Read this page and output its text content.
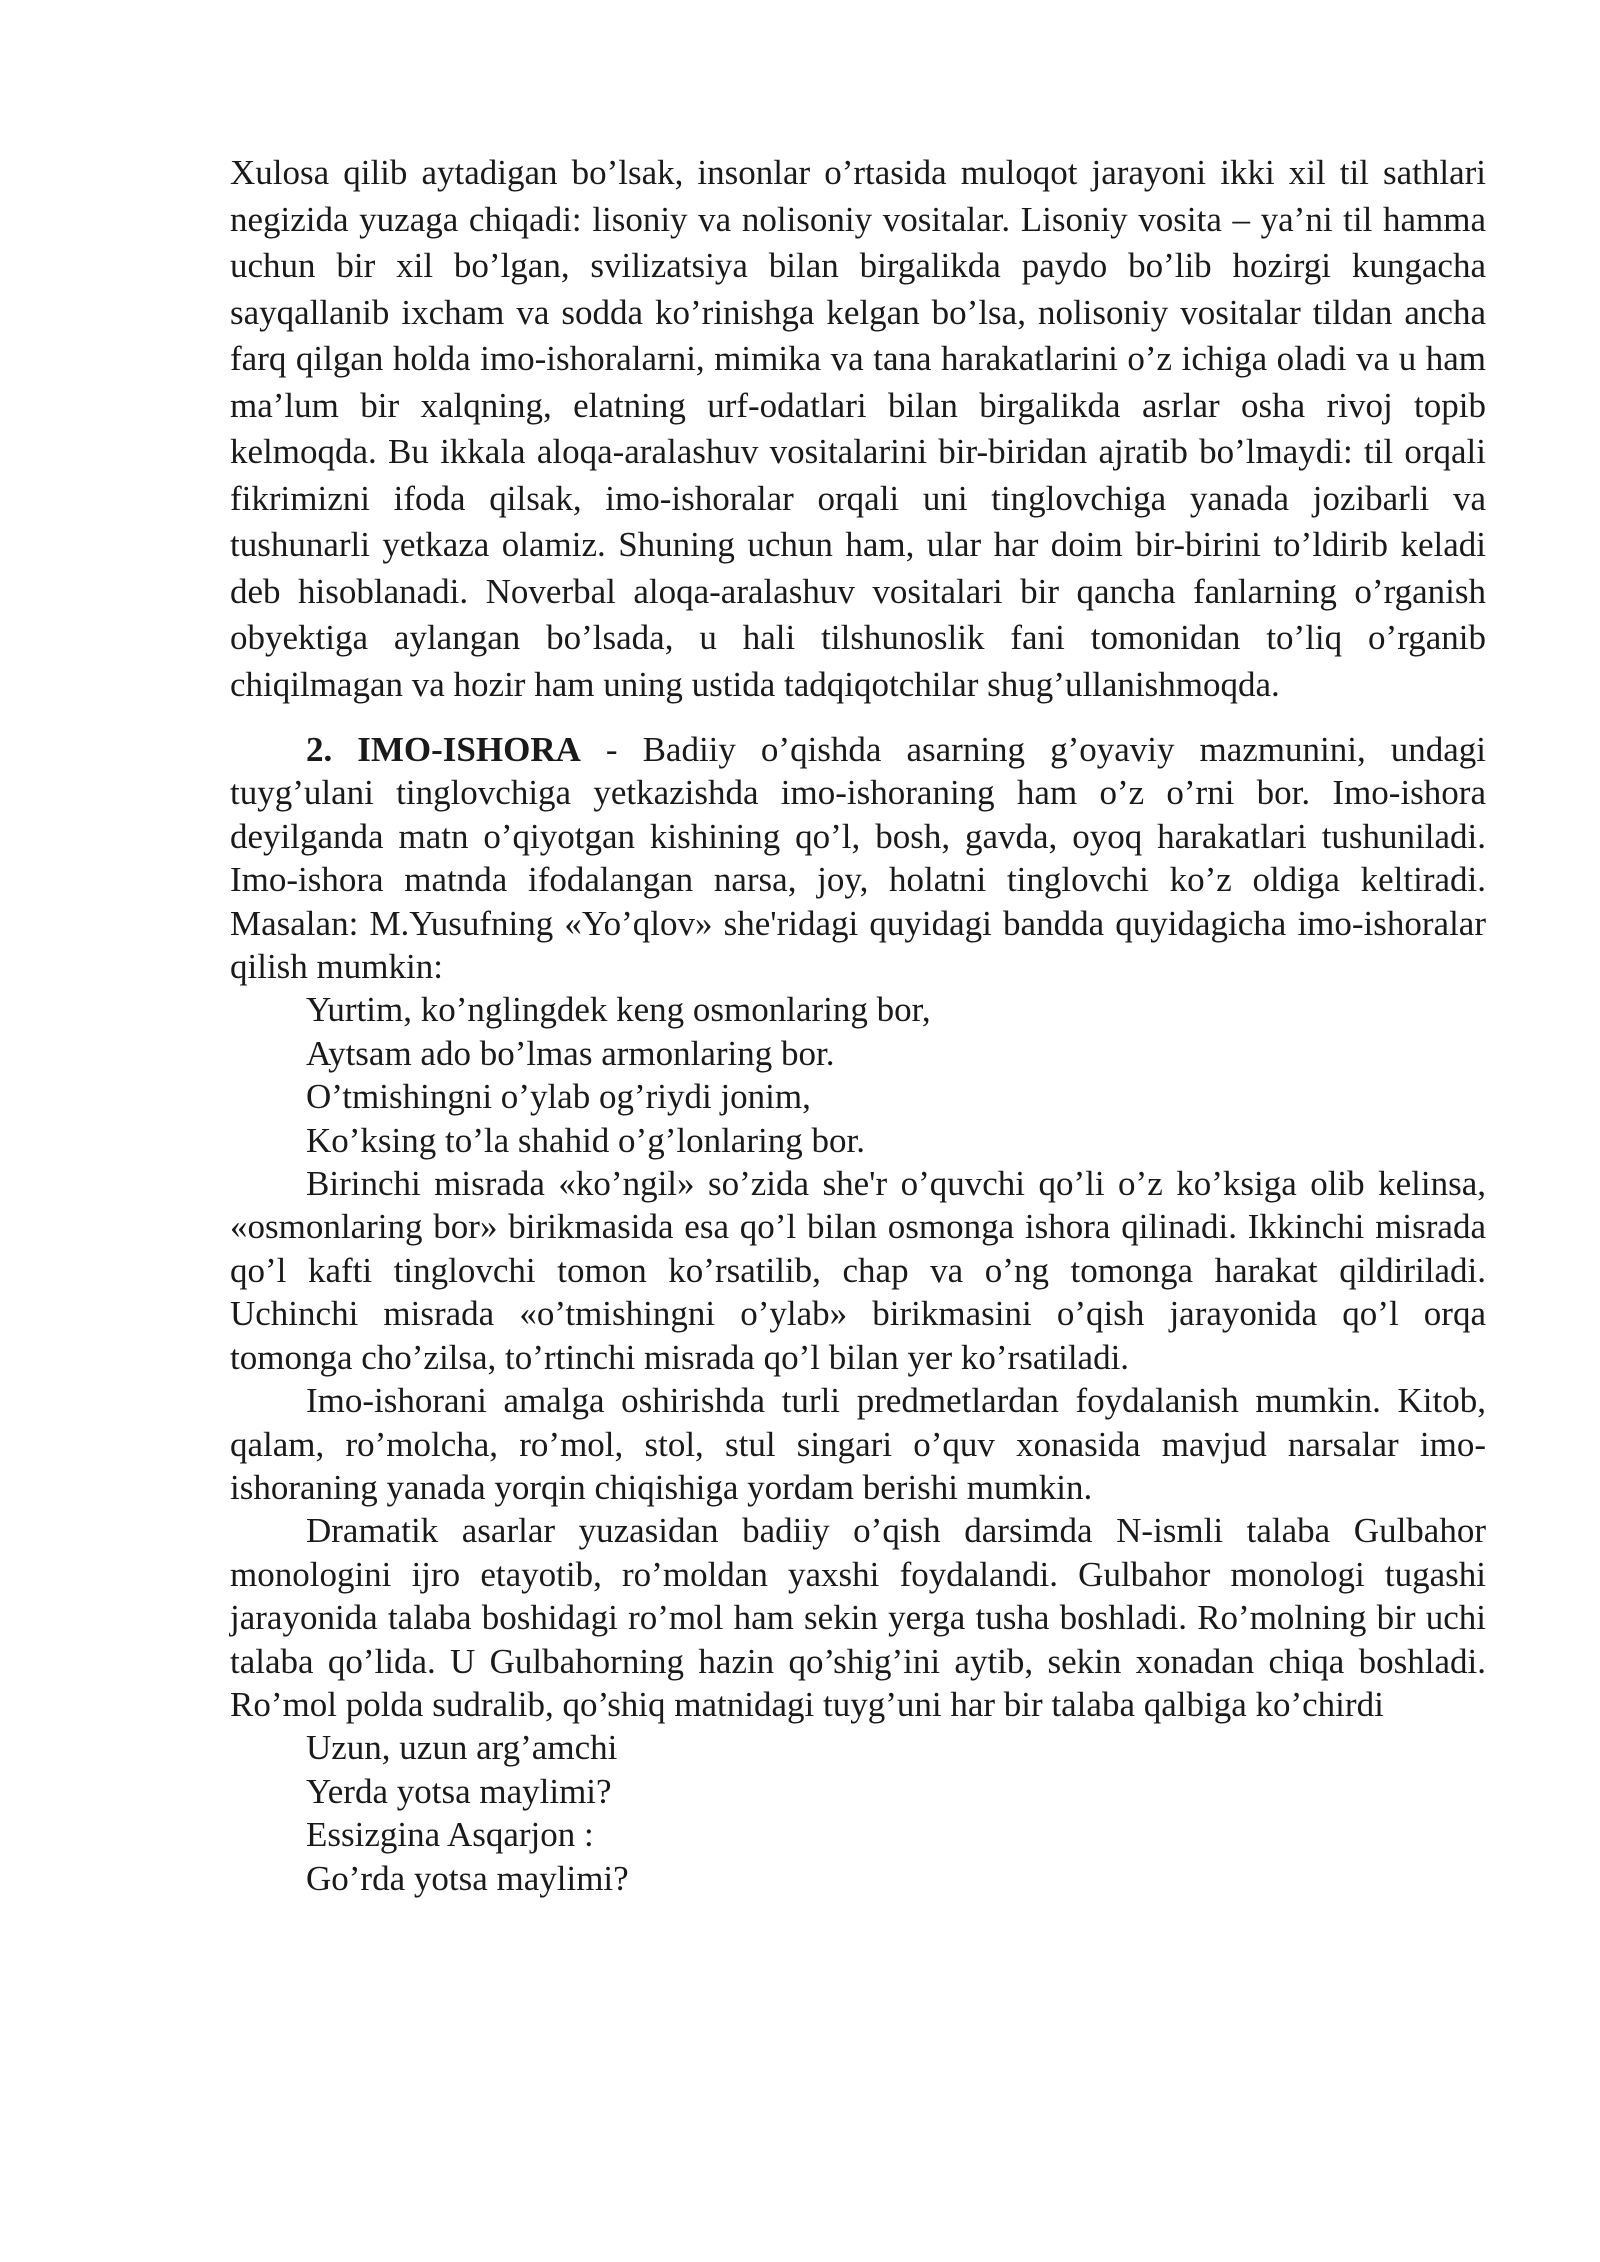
Xulosa qilib aytadigan bo’lsak, insonlar o’rtasida muloqot jarayoni ikki xil til sathlari negizida yuzaga chiqadi: lisoniy va nolisoniy vositalar. Lisoniy vosita – ya’ni til hamma uchun bir xil bo’lgan, svilizatsiya bilan birgalikda paydo bo’lib hozirgi kungacha sayqallanib ixcham va sodda ko’rinishga kelgan bo’lsa, nolisoniy vositalar tildan ancha farq qilgan holda imo-ishoralarni, mimika va tana harakatlarini o’z ichiga oladi va u ham ma’lum bir xalqning, elatning urf-odatlari bilan birgalikda asrlar osha rivoj topib kelmoqda. Bu ikkala aloqa-aralashuv vositalarini bir-biridan ajratib bo’lmaydi: til orqali fikrimizni ifoda qilsak, imo-ishoralar orqali uni tinglovchiga yanada jozibarli va tushunarli yetkaza olamiz. Shuning uchun ham, ular har doim bir-birini to’ldirib keladi deb hisoblanadi. Noverbal aloqa-aralashuv vositalari bir qancha fanlarning o’rganish obyektiga aylangan bo’lsada, u hali tilshunoslik fani tomonidan to’liq o’rganib chiqilmagan va hozir ham uning ustida tadqiqotchilar shug’ullanishmoqda.

2. IMO-ISHORA - Badiiy o’qishda asarning g’oyaviy mazmunini, undagi tuyg’ulani tinglovchiga yetkazishda imo-ishoraning ham o’z o’rni bor. Imo-ishora deyilganda matn o’qiyotgan kishining qo’l, bosh, gavda, oyoq harakatlari tushuniladi. Imo-ishora matnda ifodalangan narsa, joy, holatni tinglovchi ko’z oldiga keltiradi. Masalan: M.Yusufning «Yo’qlov» she'ridagi quyidagi bandda quyidagicha imo-ishoralar qilish mumkin:

Yurtim, ko’nglingdek keng osmonlaring bor,
Aytsam ado bo’lmas armonlaring bor.
O’tmishingni o’ylab og’riydi jonim,
Ko’ksing to’la shahid o’g’lonlaring bor.

Birinchi misrada «ko’ngil» so’zida she'r o’quvchi qo’li o’z ko’ksiga olib kelinsa, «osmonlaring bor» birikmasida esa qo’l bilan osmonga ishora qilinadi. Ikkinchi misrada qo’l kafti tinglovchi tomon ko’rsatilib, chap va o’ng tomonga harakat qildiriladi. Uchinchi misrada «o’tmishingni o’ylab» birikmasini o’qish jarayonida qo’l orqa tomonga cho’zilsa, to’rtinchi misrada qo’l bilan yer ko’rsatiladi.

Imo-ishorani amalga oshirishda turli predmetlardan foydalanish mumkin. Kitob, qalam, ro’molcha, ro’mol, stol, stul singari o’quv xonasida mavjud narsalar imo-ishoraning yanada yorqin chiqishiga yordam berishi mumkin.

Dramatik asarlar yuzasidan badiiy o’qish darsimda N-ismli talaba Gulbahor monologini ijro etayotib, ro’moldan yaxshi foydalandi. Gulbahor monologi tugashi jarayonida talaba boshidagi ro’mol ham sekin yerga tusha boshladi. Ro’molning bir uchi talaba qo’lida. U Gulbahorning hazin qo’shig’ini aytib, sekin xonadan chiqa boshladi. Ro’mol polda sudralib, qo’shiq matnidagi tuyg’uni har bir talaba qalbiga ko’chirdi

Uzun, uzun arg’amchi
Yerda yotsa maylimi?
Essizgina Asqarjon :
Go’rda yotsa maylimi?
